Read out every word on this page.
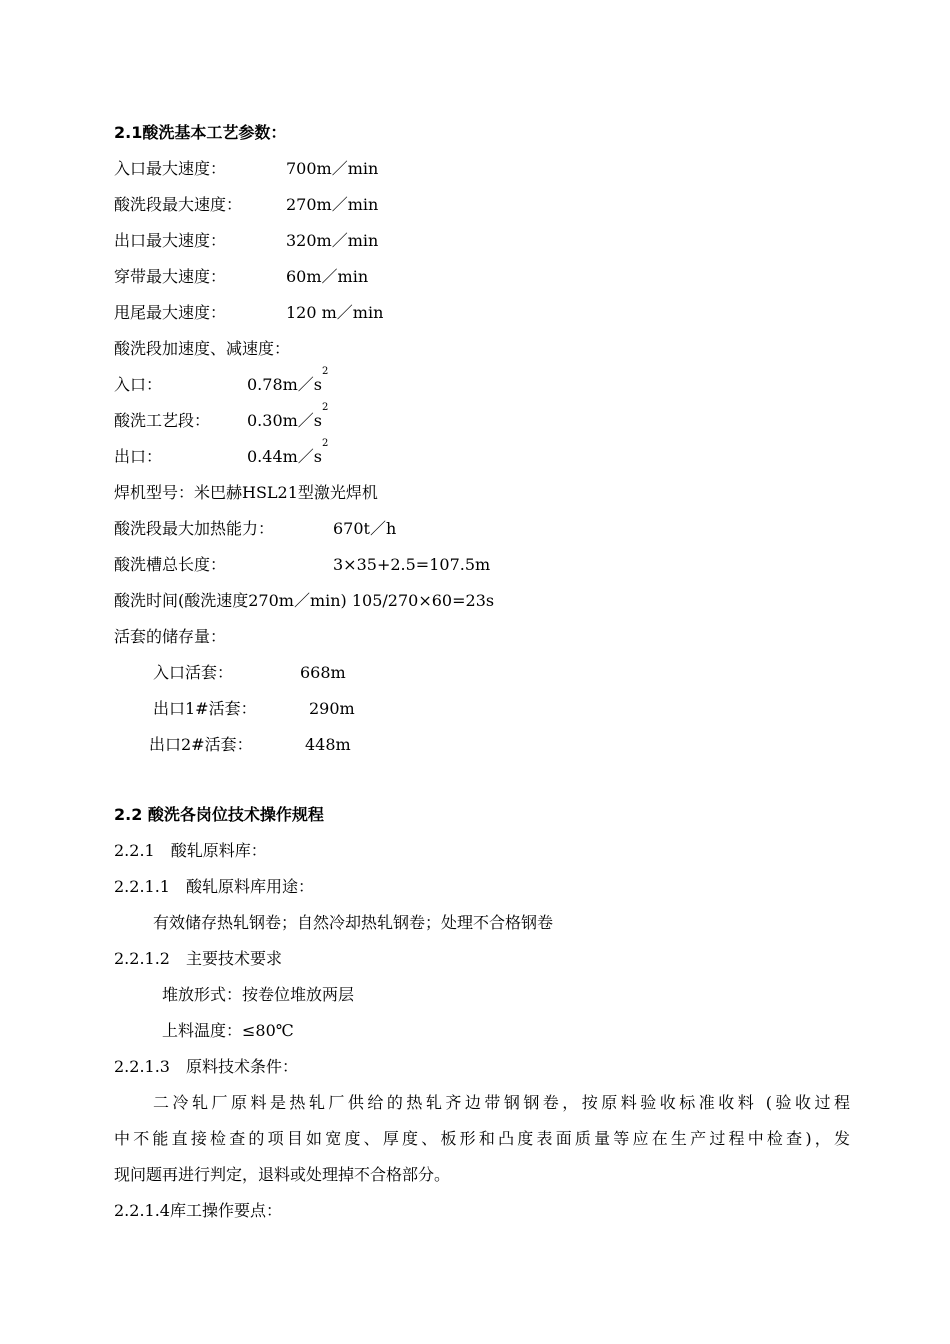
2.1酸洗基本工艺参数：
入口最大速度：	700m／min
酸洗段最大速度：	270m／min
出口最大速度：	320m／min
穿带最大速度：	60m／min
甩尾最大速度：	120 m／min
酸洗段加速度、减速度：
入口：	$0.78m/s^2$
酸洗工艺段： $0.30m/s^2$
出口：	$0.44m/s^2$
焊机型号：米巴赫HSL21型激光焊机
酸洗段最大加热能力：	670t／h
酸洗槽总长度：	3×35+2.5=107.5m
酸洗时间(酸洗速度270m／min) 105/270×60=23s
活套的储存量：
入口活套：	668m
出口1#活套：	290m
出口2#活套：	448m
2.2 酸洗各岗位技术操作规程
2.2.1　酸轧原料库：
2.2.1.1　酸轧原料库用途：
有效储存热轧钢卷；自然冷却热轧钢卷；处理不合格钢卷
2.2.1.2　主要技术要求
堆放形式：按卷位堆放两层
上料温度：≤80℃
2.2.1.3　原料技术条件：
二冷轧厂原料是热轧厂供给的热轧齐边带钢钢卷，按原料验收标准收料 (验收过程
中不能直接检查的项目如宽度、厚度、板形和凸度表面质量等应在生产过程中检查)，发
现问题再进行判定，退料或处理掉不合格部分。
2.2.1.4库工操作要点：
